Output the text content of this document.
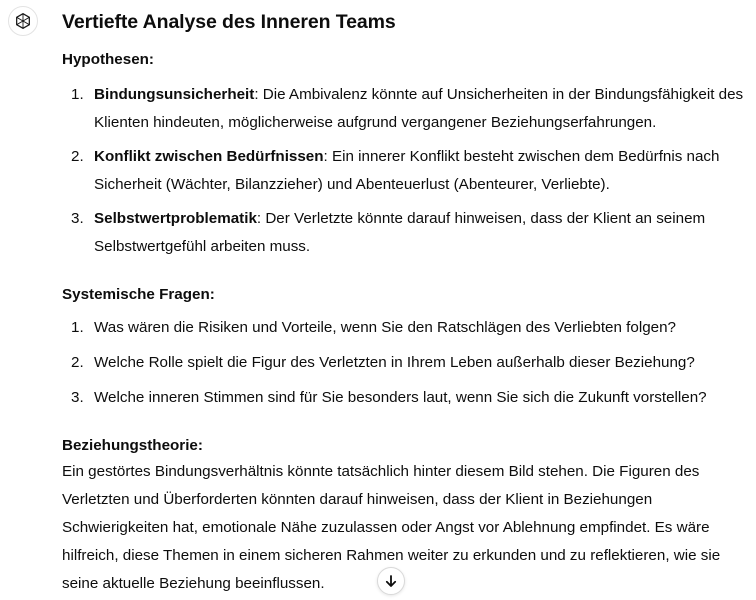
Vertiefte Analyse des Inneren Teams
Hypothesen:
1. Bindungsunsicherheit: Die Ambivalenz könnte auf Unsicherheiten in der Bindungsfähigkeit des Klienten hindeuten, möglicherweise aufgrund vergangener Beziehungserfahrungen.
2. Konflikt zwischen Bedürfnissen: Ein innerer Konflikt besteht zwischen dem Bedürfnis nach Sicherheit (Wächter, Bilanzzieher) und Abenteuerlust (Abenteurer, Verliebte).
3. Selbstwertproblematik: Der Verletzte könnte darauf hinweisen, dass der Klient an seinem Selbstwertgefühl arbeiten muss.
Systemische Fragen:
1. Was wären die Risiken und Vorteile, wenn Sie den Ratschlägen des Verliebten folgen?
2. Welche Rolle spielt die Figur des Verletzten in Ihrem Leben außerhalb dieser Beziehung?
3. Welche inneren Stimmen sind für Sie besonders laut, wenn Sie sich die Zukunft vorstellen?
Beziehungstheorie:

Ein gestörtes Bindungsverhältnis könnte tatsächlich hinter diesem Bild stehen. Die Figuren des Verletzten und Überforderten könnten darauf hinweisen, dass der Klient in Beziehungen Schwierigkeiten hat, emotionale Nähe zuzulassen oder Angst vor Ablehnung empfindet. Es wäre hilfreich, diese Themen in einem sicheren Rahmen weiter zu erkunden und zu reflektieren, wie sie seine aktuelle Beziehung beeinflussen.
